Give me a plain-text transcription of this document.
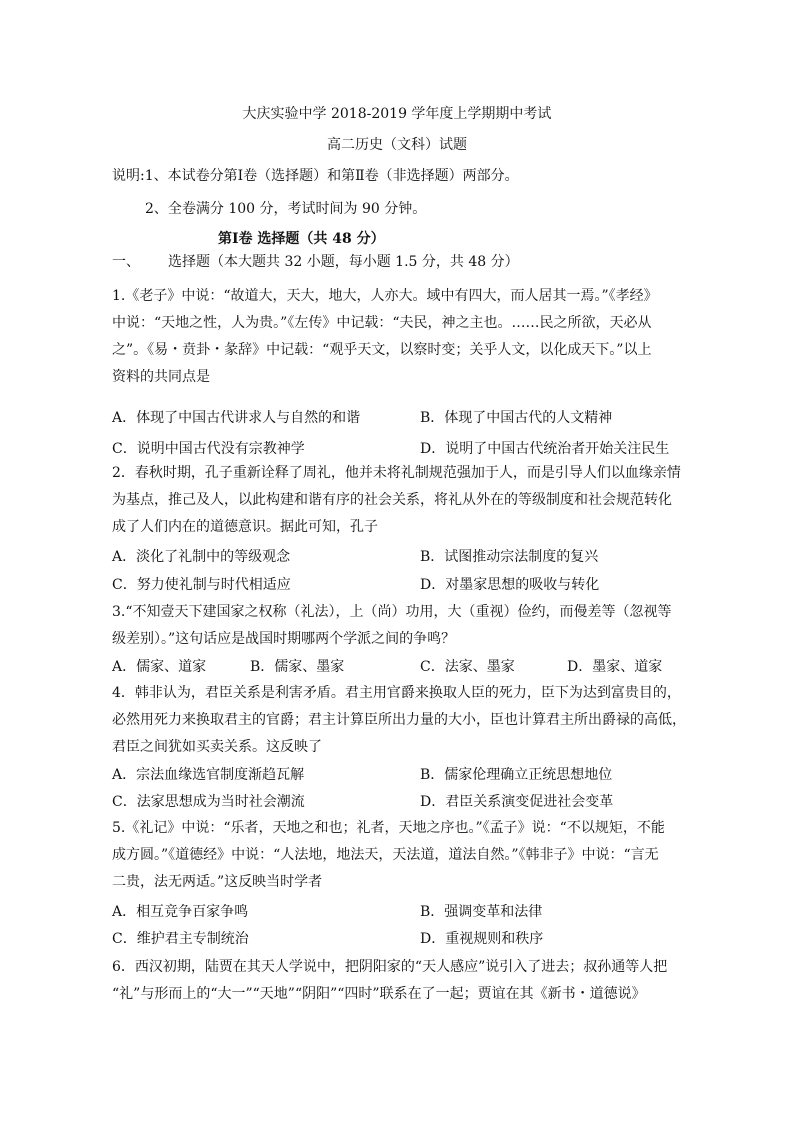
大庆实验中学 2018-2019 学年度上学期期中考试
高二历史（文科）试题
说明:1、本试卷分第Ⅰ卷（选择题）和第Ⅱ卷（非选择题）两部分。
2、全卷满分 100 分，考试时间为 90 分钟。
第Ⅰ卷 选择题（共 48 分）
一、 选择题（本大题共 32 小题，每小题 1.5 分，共 48 分）
1.《老子》中说：“故道大，天大，地大，人亦大。域中有四大，而人居其一焉。”《孝经》
中说：“天地之性，人为贵。”《左传》中记载：“夫民，神之主也。……民之所欲，天必从
之”。《易・贲卦・彖辞》中记载：“观乎天文，以察时变；关乎人文，以化成天下。”以上
资料的共同点是
A．体现了中国古代讲求人与自然的和谐	B．体现了中国古代的人文精神
C．说明中国古代没有宗教神学	D．说明了中国古代统治者开始关注民生
2．春秋时期，孔子重新诠释了周礼，他并未将礼制规范强加于人，而是引导人们以血缘亲情
为基点，推己及人，以此构建和谐有序的社会关系，将礼从外在的等级制度和社会规范转化
成了人们内在的道德意识。据此可知，孔子
A．淡化了礼制中的等级观念	B．试图推动宗法制度的复兴
C．努力使礼制与时代相适应	D．对墨家思想的吸收与转化
3.“不知壹天下建国家之权称（礼法），上（尚）功用，大（重视）俭约，而僈差等（忽视等
级差别）。”这句话应是战国时期哪两个学派之间的争鸣？
A．儒家、道家	B．儒家、墨家	C．法家、墨家	D．墨家、道家
4．韩非认为，君臣关系是利害矛盾。君主用官爵来换取人臣的死力，臣下为达到富贵目的，
必然用死力来换取君主的官爵；君主计算臣所出力量的大小，臣也计算君主所出爵禄的高低，
君臣之间犹如买卖关系。这反映了
A．宗法血缘选官制度渐趋瓦解	B．儒家伦理确立正统思想地位
C．法家思想成为当时社会潮流	D．君臣关系演变促进社会变革
5.《礼记》中说：“乐者，天地之和也；礼者，天地之序也。”《孟子》说：“不以规矩，不能
成方圆。”《道德经》中说：“人法地，地法天，天法道，道法自然。”《韩非子》中说：“言无
二贵，法无两适。”这反映当时学者
A．相互竞争百家争鸣	B．强调变革和法律
C．维护君主专制统治	D．重视规则和秩序
6．西汉初期，陆贾在其天人学说中，把阴阳家的“天人感应”说引入了进去；叔孙通等人把
“礼”与形而上的“大一”“天地”“阴阳”“四时”联系在了一起；贾谊在其《新书・道德说》
